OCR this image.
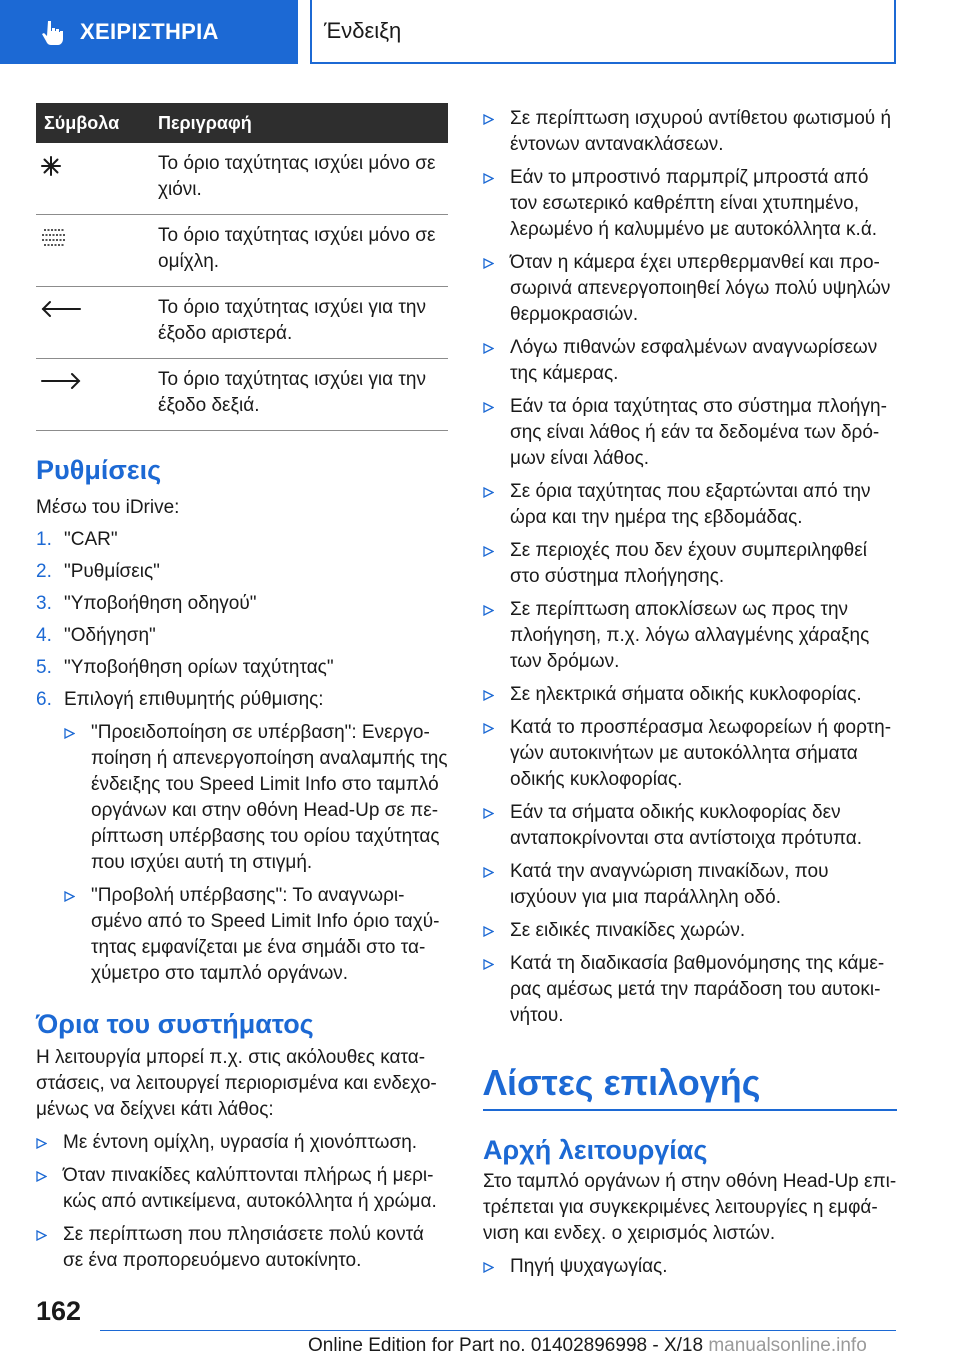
ΧΕΙΡΙΣΤΗΡΙΑ	Ένδειξη
Σύμβολα	Περιγραφή
Το όριο ταχύτητας ισχύει μόνο σε χιόνι.
Το όριο ταχύτητας ισχύει μόνο σε ομίχλη.
Το όριο ταχύτητας ισχύει για την έξοδο αριστερά.
Το όριο ταχύτητας ισχύει για την έξοδο δεξιά.
Ρυθμίσεις

Μέσω του iDrive:

1. "CAR"
2. "Ρυθμίσεις"
3. "Υποβοήθηση οδηγού"
4. "Οδήγηση"
5. "Υποβοήθηση ορίων ταχύτητας"
6. Επιλογή επιθυμητής ρύθμισης:
"Προειδοποίηση σε υπέρβαση": Ενεργοποίηση ή απενεργοποίηση αναλαμπής της ένδειξης του Speed Limit Info στο ταμπλό οργάνων και στην οθόνη Head-Up σε περίπτωση υπέρβασης του ορίου ταχύτητας που ισχύει αυτή τη στιγμή.
"Προβολή υπέρβασης": Το αναγνωρισμένο από το Speed Limit Info όριο ταχύτητας εμφανίζεται με ένα σημάδι στο ταχύμετρο στο ταμπλό οργάνων.
Όρια του συστήματος

Η λειτουργία μπορεί π.χ. στις ακόλουθες καταστάσεις, να λειτουργεί περιορισμένα και ενδεχομένως να δείχνει κάτι λάθος:

Με έντονη ομίχλη, υγρασία ή χιονόπτωση.
Όταν πινακίδες καλύπτονται πλήρως ή μερικώς από αντικείμενα, αυτοκόλλητα ή χρώμα.
Σε περίπτωση που πλησιάσετε πολύ κοντά σε ένα προπορευόμενο αυτοκίνητο.
Σε περίπτωση ισχυρού αντίθετου φωτισμού ή έντονων αντανακλάσεων.
Εάν το μπροστινό παρμπρίζ μπροστά από τον εσωτερικό καθρέπτη είναι χτυπημένο, λερωμένο ή καλυμμένο με αυτοκόλλητα κ.ά.
Όταν η κάμερα έχει υπερθερμανθεί και προσωρινά απενεργοποιηθεί λόγω πολύ υψηλών θερμοκρασιών.
Λόγω πιθανών εσφαλμένων αναγνωρίσεων της κάμερας.
Εάν τα όρια ταχύτητας στο σύστημα πλοήγησης είναι λάθος ή εάν τα δεδομένα των δρόμων είναι λάθος.
Σε όρια ταχύτητας που εξαρτώνται από την ώρα και την ημέρα της εβδομάδας.
Σε περιοχές που δεν έχουν συμπεριληφθεί στο σύστημα πλοήγησης.
Σε περίπτωση αποκλίσεων ως προς την πλοήγηση, π.χ. λόγω αλλαγμένης χάραξης των δρόμων.
Σε ηλεκτρικά σήματα οδικής κυκλοφορίας.
Κατά το προσπέρασμα λεωφορείων ή φορτηγών αυτοκινήτων με αυτοκόλλητα σήματα οδικής κυκλοφορίας.
Εάν τα σήματα οδικής κυκλοφορίας δεν ανταποκρίνονται στα αντίστοιχα πρότυπα.
Κατά την αναγνώριση πινακίδων, που ισχύουν για μια παράλληλη οδό.
Σε ειδικές πινακίδες χωρών.
Κατά τη διαδικασία βαθμονόμησης της κάμερας αμέσως μετά την παράδοση του αυτοκινήτου.
Λίστες επιλογής
Αρχή λειτουργίας

Στο ταμπλό οργάνων ή στην οθόνη Head-Up επιτρέπεται για συγκεκριμένες λειτουργίες η εμφάνιση και ενδεχ. ο χειρισμός λιστών.

Πηγή ψυχαγωγίας.
162
Online Edition for Part no. 01402896998 - X/18 manualsonline.info
